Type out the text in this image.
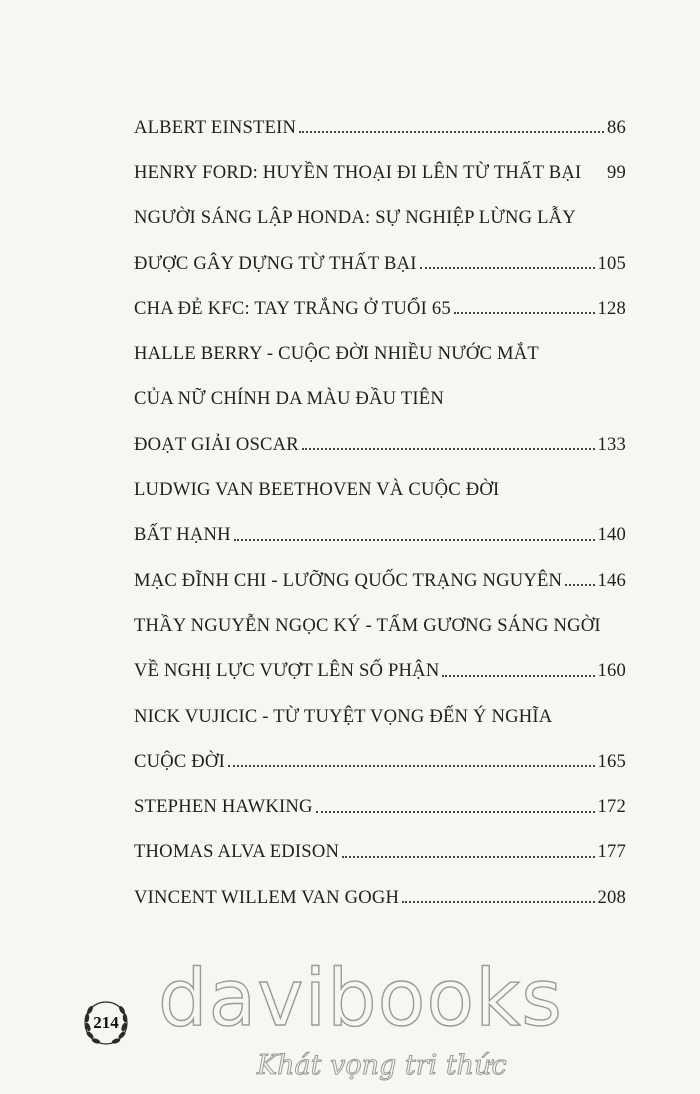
ALBERT EINSTEIN	86
HENRY FORD: HUYỀN THOẠI ĐI LÊN TỪ THẤT BẠI 99
NGƯỜI SÁNG LẬP HONDA: SỰ NGHIỆP LỪNG LẪY
ĐƯỢC GÂY DỰNG TỪ THẤT BẠI	105
CHA ĐẺ KFC: TAY TRẮNG Ở TUỔI 65	128
HALLE BERRY - CUỘC ĐỜI NHIỀU NƯỚC MẮT
CỦA NỮ CHÍNH DA MÀU ĐẦU TIÊN
ĐOẠT GIẢI OSCAR	133
LUDWIG VAN BEETHOVEN VÀ CUỘC ĐỜI
BẤT HẠNH	140
MẠC ĐĨNH CHI - LƯỠNG QUỐC TRẠNG NGUYÊN 146
THẦY NGUYỄN NGỌC KÝ - TẤM GƯƠNG SÁNG NGỜI
VỀ NGHỊ LỰC VƯỢT LÊN SỐ PHẬN	160
NICK VUJICIC - TỪ TUYỆT VỌNG ĐẾN Ý NGHĨA
CUỘC ĐỜI	165
STEPHEN HAWKING	172
THOMAS ALVA EDISON	177
VINCENT WILLEM VAN GOGH	208
214 davibooks
Khát vọng tri thức
